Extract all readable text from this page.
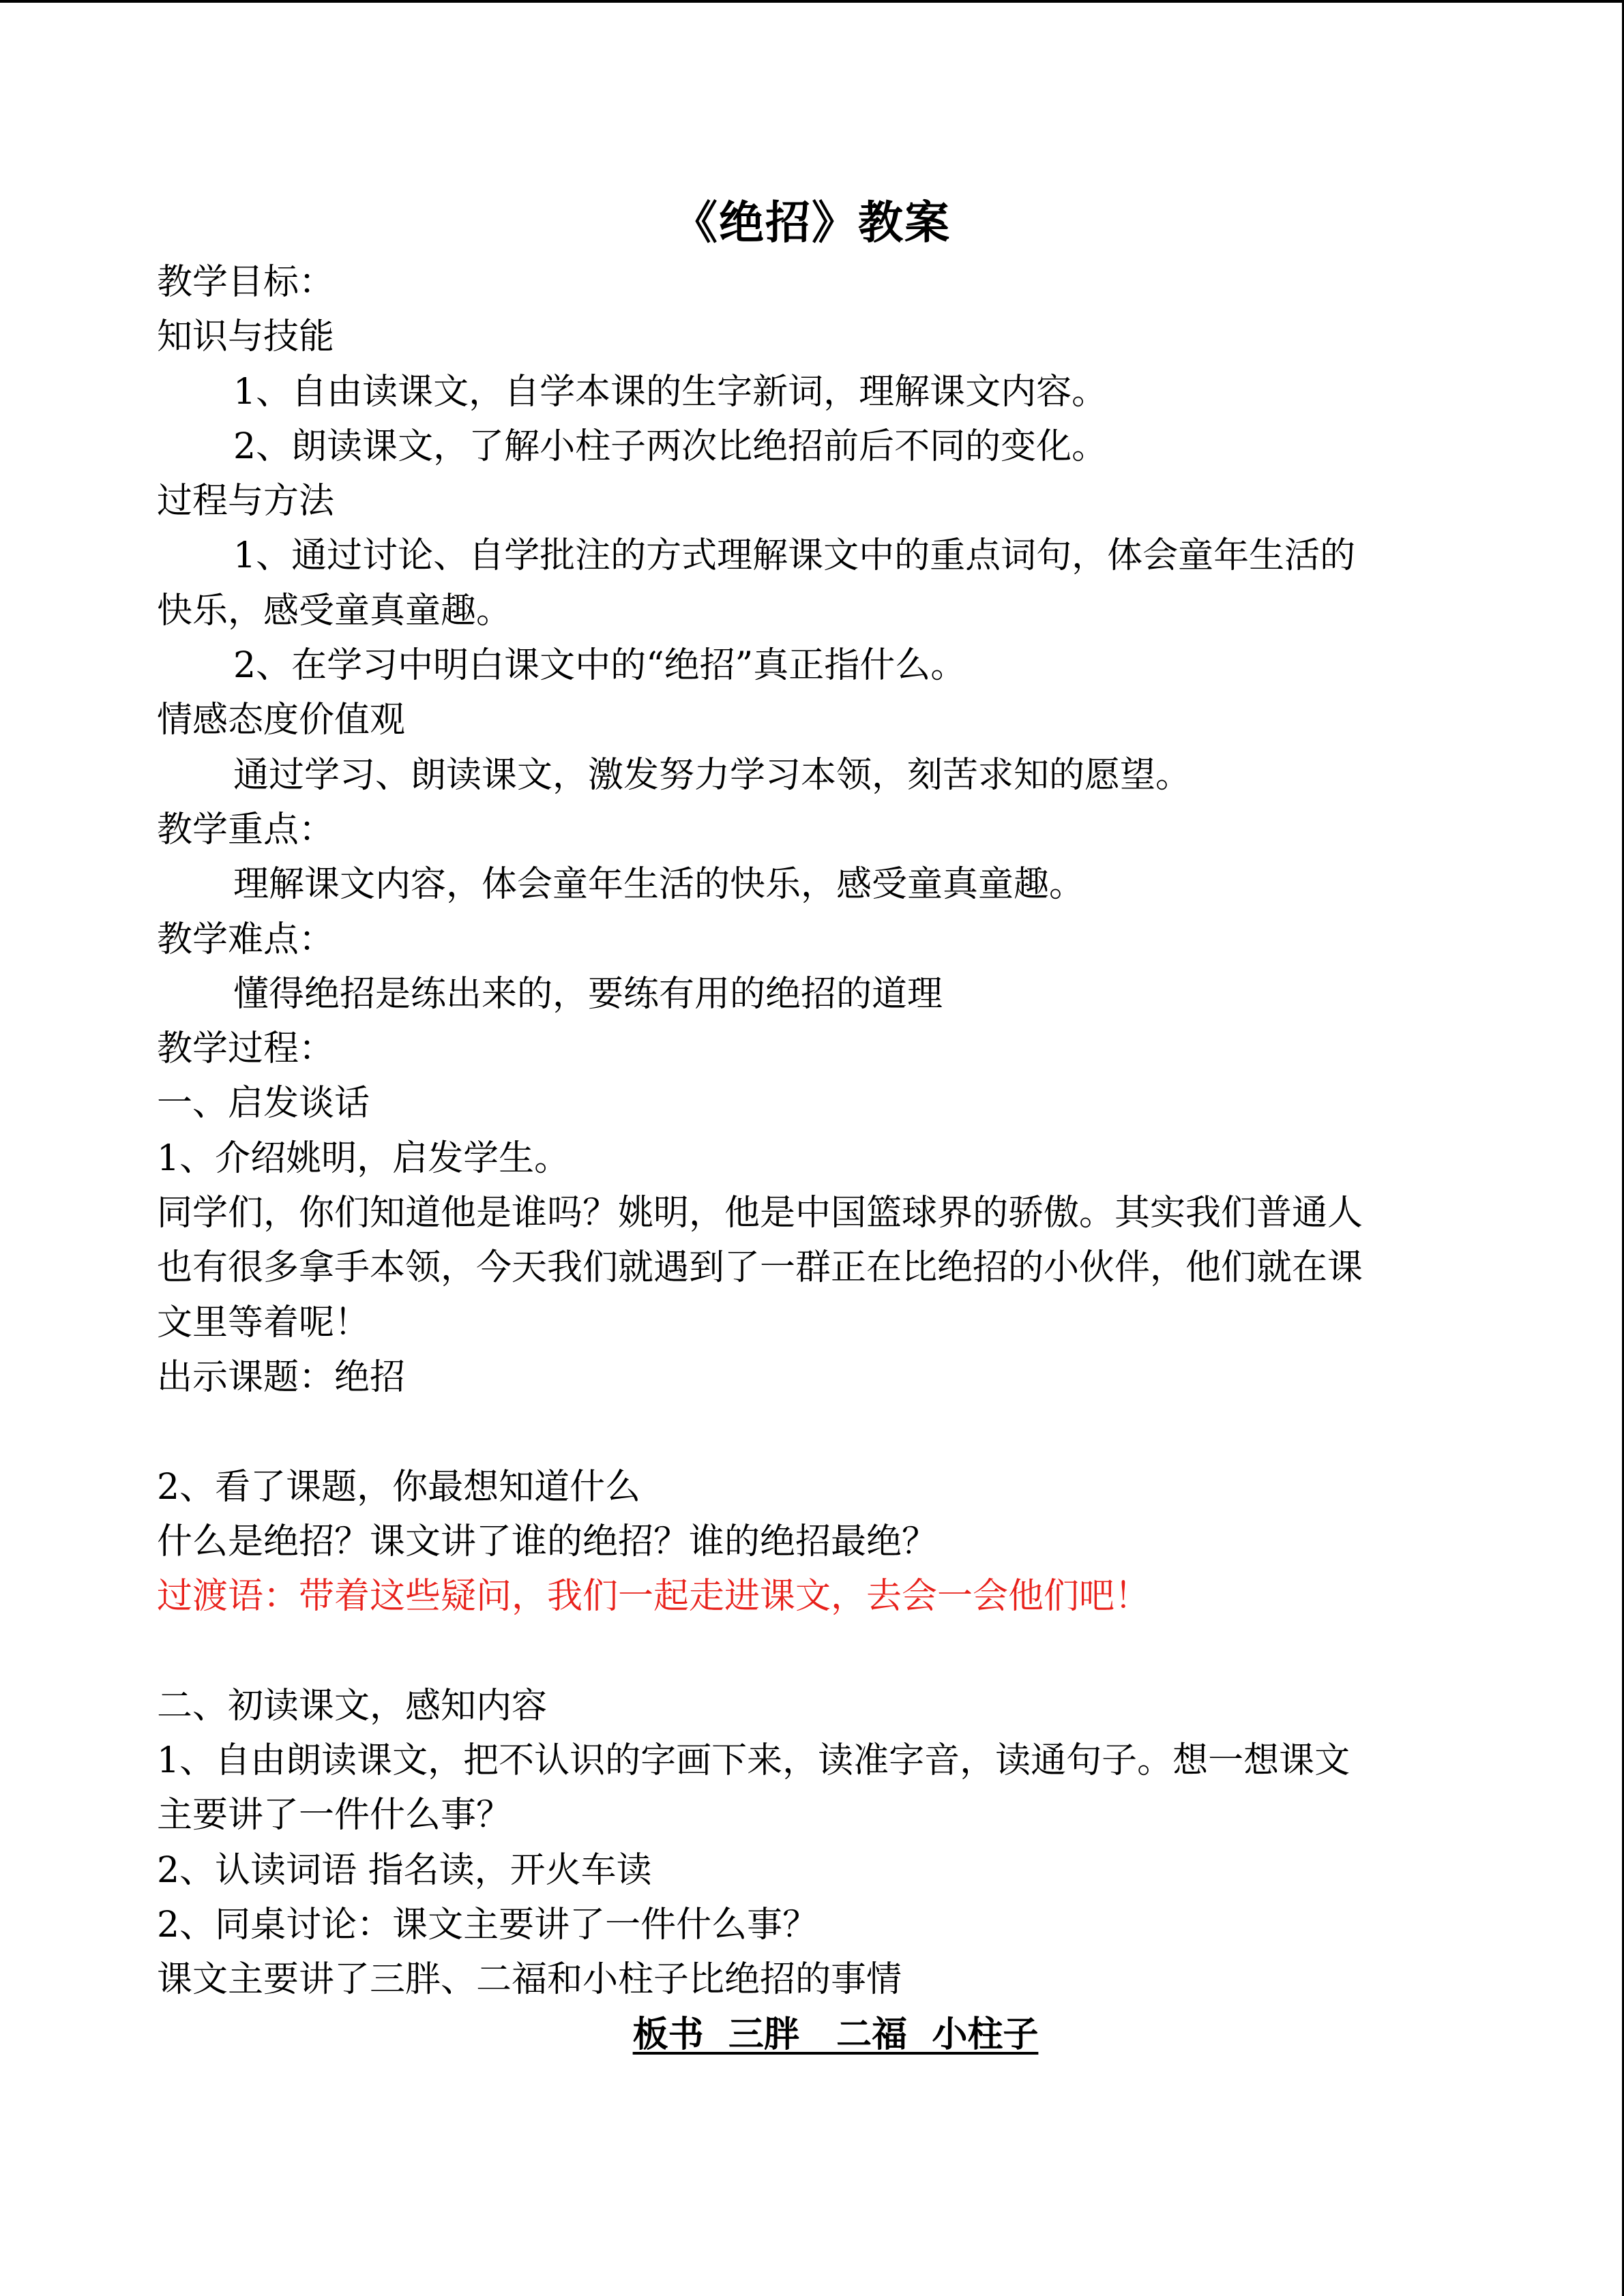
《绝招》教案
教学目标：
知识与技能
1、自由读课文，自学本课的生字新词，理解课文内容。
2、朗读课文，了解小柱子两次比绝招前后不同的变化。
过程与方法
1、通过讨论、自学批注的方式理解课文中的重点词句，体会童年生活的
快乐，感受童真童趣。
2、在学习中明白课文中的“绝招”真正指什么。
情感态度价值观
通过学习、朗读课文，激发努力学习本领，刻苦求知的愿望。
教学重点：
理解课文内容，体会童年生活的快乐，感受童真童趣。
教学难点：
懂得绝招是练出来的，要练有用的绝招的道理
教学过程：
一、启发谈话
1、介绍姚明，启发学生。
同学们，你们知道他是谁吗？姚明，他是中国篮球界的骄傲。其实我们普通人
也有很多拿手本领，今天我们就遇到了一群正在比绝招的小伙伴，他们就在课
文里等着呢！
出示课题：绝招
2、看了课题，你最想知道什么
什么是绝招？课文讲了谁的绝招？谁的绝招最绝？
过渡语：带着这些疑问，我们一起走进课文，去会一会他们吧！
二、初读课文，感知内容
1、自由朗读课文，把不认识的字画下来，读准字音，读通句子。想一想课文
主要讲了一件什么事？
2、认读词语 指名读，开火车读
2、同桌讨论：课文主要讲了一件什么事？
课文主要讲了三胖、二福和小柱子比绝招的事情
板书  三胖   二福  小柱子
